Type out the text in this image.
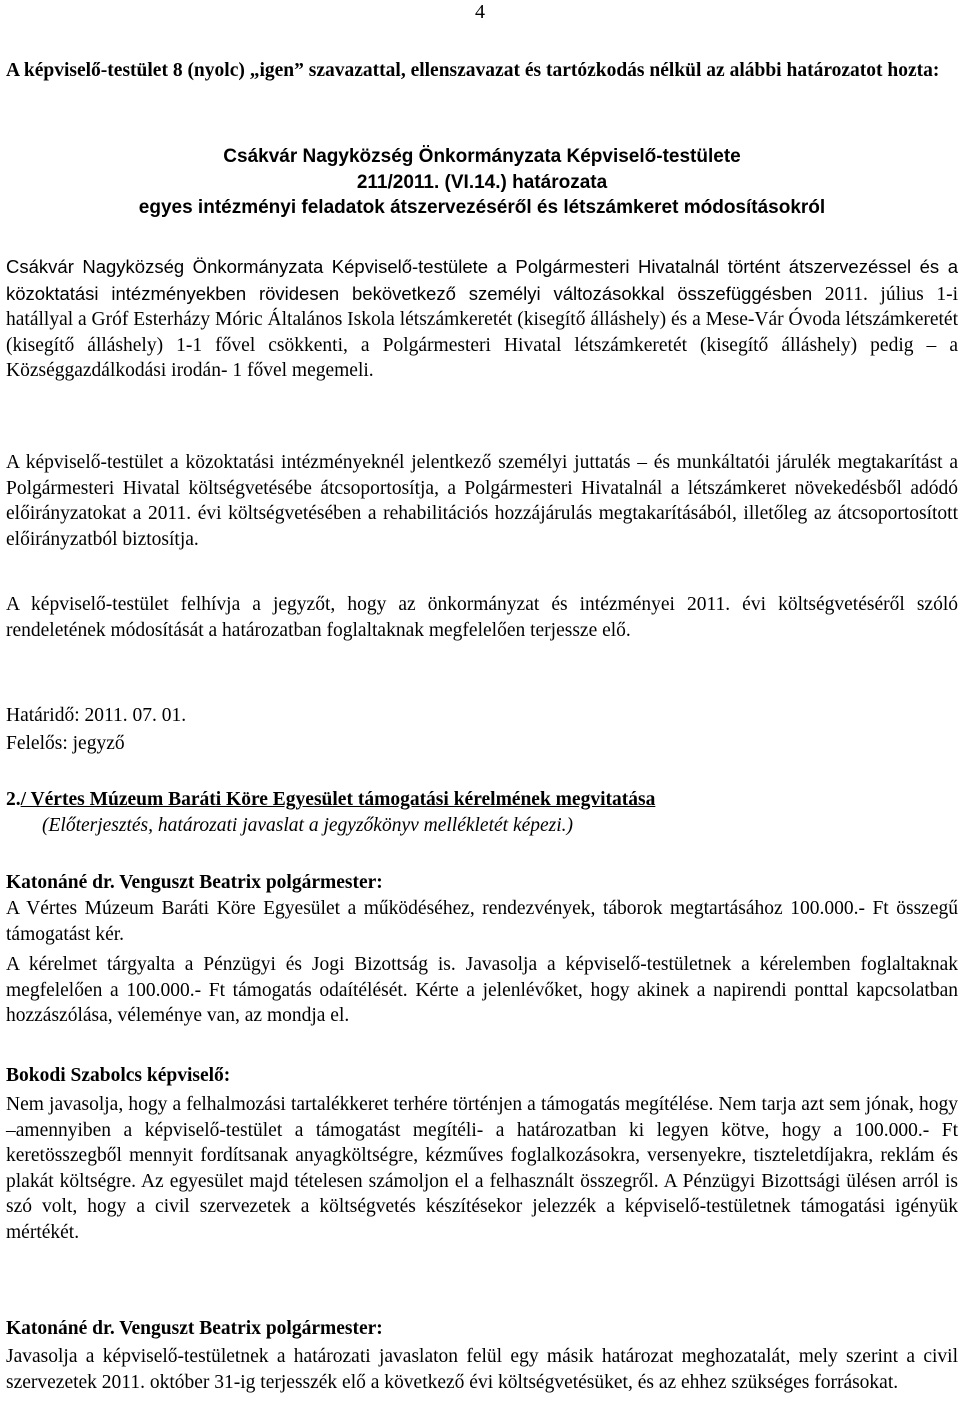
4

A képviselő-testület 8 (nyolc) „igen” szavazattal, ellenszavazat és tartózkodás nélkül az alábbi határozatot hozta:

Csákvár Nagyközség Önkormányzata Képviselő-testülete

211/2011. (VI.14.) határozata

egyes intézményi feladatok átszervezéséről és létszámkeret módosításokról

Csákvár Nagyközség Önkormányzata Képviselő-testülete a Polgármesteri Hivatalnál történt átszervezéssel és a közoktatási intézményekben rövidesen bekövetkező személyi változásokkal összefüggésben 2011. július 1-i hatállyal a Gróf Esterházy Móric Általános Iskola létszámkeretét (kisegítő álláshely) és a Mese-Vár Óvoda létszámkeretét (kisegítő álláshely) 1-1 fővel csökkenti, a Polgármesteri Hivatal létszámkeretét (kisegítő álláshely) pedig – a Községgazdálkodási irodán- 1 fővel megemeli.

A képviselő-testület a közoktatási intézményeknél jelentkező személyi juttatás – és munkáltatói járulék megtakarítást a Polgármesteri Hivatal költségvetésébe átcsoportosítja, a Polgármesteri Hivatalnál a létszámkeret növekedésből adódó előirányzatokat a 2011. évi költségvetésében a rehabilitációs hozzájárulás megtakarításából, illetőleg az átcsoportosított előirányzatból biztosítja.

A képviselő-testület felhívja a jegyzőt, hogy az önkormányzat és intézményei 2011. évi költségvetéséről szóló rendeletének módosítását a határozatban foglaltaknak megfelelően terjessze elő.

Határidő: 2011. 07. 01.

Felelős: jegyző

2./ Vértes Múzeum Baráti Köre Egyesület támogatási kérelmének megvitatása

(Előterjesztés, határozati javaslat a jegyzőkönyv mellékletét képezi.)

Katonáné dr. Venguszt Beatrix polgármester:

A Vértes Múzeum Baráti Köre Egyesület a működéséhez, rendezvények, táborok megtartásához 100.000.- Ft összegű támogatást kér.

A kérelmet tárgyalta a Pénzügyi és Jogi Bizottság is. Javasolja a képviselő-testületnek a kérelemben foglaltaknak megfelelően a 100.000.- Ft támogatás odaítélését. Kérte a jelenlévőket, hogy akinek a napirendi ponttal kapcsolatban hozzászólása, véleménye van, az mondja el.

Bokodi Szabolcs képviselő:

Nem javasolja, hogy a felhalmozási tartalékkeret terhére történjen a támogatás megítélése. Nem tarja azt sem jónak, hogy –amennyiben a képviselő-testület a támogatást megítéli- a határozatban ki legyen kötve, hogy a 100.000.- Ft keretösszegből mennyit fordítsanak anyagköltségre, kézműves foglalkozásokra, versenyekre, tiszteletdíjakra, reklám és plakát költségre. Az egyesület majd tételesen számoljon el a felhasznált összegről. A Pénzügyi Bizottsági ülésen arról is szó volt, hogy a civil szervezetek a költségvetés készítésekor jelezzék a képviselő-testületnek támogatási igényük mértékét.

Katonáné dr. Venguszt Beatrix polgármester:

Javasolja a képviselő-testületnek a határozati javaslaton felül egy másik határozat meghozatalát, mely szerint a civil szervezetek 2011. október 31-ig terjesszék elő a következő évi költségvetésüket, és az ehhez szükséges forrásokat.
